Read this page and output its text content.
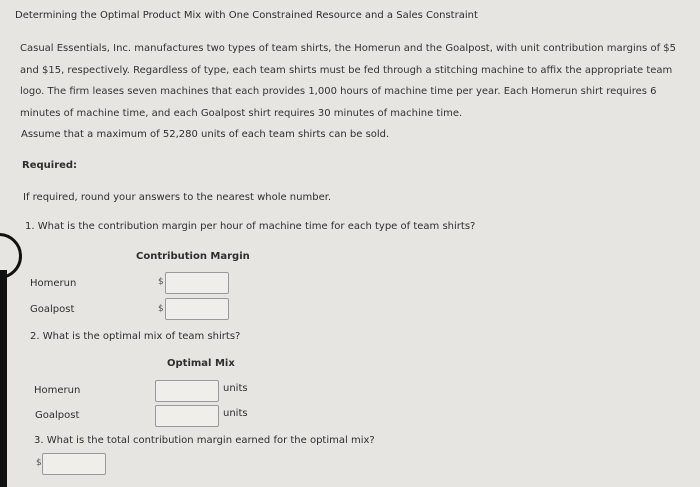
Determining the Optimal Product Mix with One Constrained Resource and a Sales Constraint
Casual Essentials, Inc. manufactures two types of team shirts, the Homerun and the Goalpost, with unit contribution margins of $5 and $15, respectively. Regardless of type, each team shirts must be fed through a stitching machine to affix the appropriate team logo. The firm leases seven machines that each provides 1,000 hours of machine time per year. Each Homerun shirt requires 6 minutes of machine time, and each Goalpost shirt requires 30 minutes of machine time.
Assume that a maximum of 52,280 units of each team shirts can be sold.
Required:
If required, round your answers to the nearest whole number.
1. What is the contribution margin per hour of machine time for each type of team shirts?
Contribution Margin
Homerun	$
Goalpost	$
2. What is the optimal mix of team shirts?
Optimal Mix
Homerun	units
Goalpost	units
3. What is the total contribution margin earned for the optimal mix?
$
